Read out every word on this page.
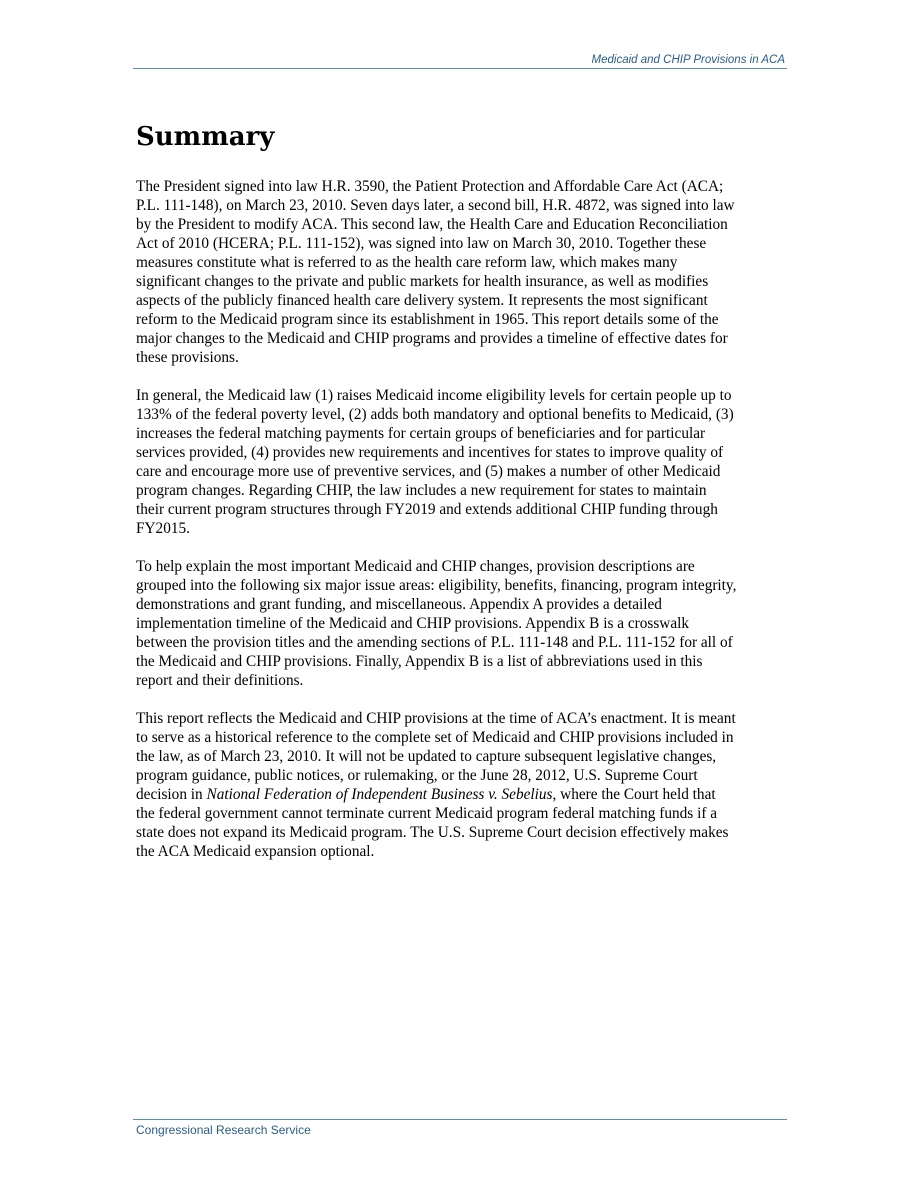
Medicaid and CHIP Provisions in ACA
Summary

The President signed into law H.R. 3590, the Patient Protection and Affordable Care Act (ACA;
P.L. 111-148), on March 23, 2010. Seven days later, a second bill, H.R. 4872, was signed into law
by the President to modify ACA. This second law, the Health Care and Education Reconciliation
Act of 2010 (HCERA; P.L. 111-152), was signed into law on March 30, 2010. Together these
measures constitute what is referred to as the health care reform law, which makes many
significant changes to the private and public markets for health insurance, as well as modifies
aspects of the publicly financed health care delivery system. It represents the most significant
reform to the Medicaid program since its establishment in 1965. This report details some of the
major changes to the Medicaid and CHIP programs and provides a timeline of effective dates for
these provisions.

In general, the Medicaid law (1) raises Medicaid income eligibility levels for certain people up to
133% of the federal poverty level, (2) adds both mandatory and optional benefits to Medicaid, (3)
increases the federal matching payments for certain groups of beneficiaries and for particular
services provided, (4) provides new requirements and incentives for states to improve quality of
care and encourage more use of preventive services, and (5) makes a number of other Medicaid
program changes. Regarding CHIP, the law includes a new requirement for states to maintain
their current program structures through FY2019 and extends additional CHIP funding through
FY2015.

To help explain the most important Medicaid and CHIP changes, provision descriptions are
grouped into the following six major issue areas: eligibility, benefits, financing, program integrity,
demonstrations and grant funding, and miscellaneous. Appendix A provides a detailed
implementation timeline of the Medicaid and CHIP provisions. Appendix B is a crosswalk
between the provision titles and the amending sections of P.L. 111-148 and P.L. 111-152 for all of
the Medicaid and CHIP provisions. Finally, Appendix B is a list of abbreviations used in this
report and their definitions.

This report reflects the Medicaid and CHIP provisions at the time of ACA’s enactment. It is meant
to serve as a historical reference to the complete set of Medicaid and CHIP provisions included in
the law, as of March 23, 2010. It will not be updated to capture subsequent legislative changes,
program guidance, public notices, or rulemaking, or the June 28, 2012, U.S. Supreme Court
decision in National Federation of Independent Business v. Sebelius, where the Court held that
the federal government cannot terminate current Medicaid program federal matching funds if a
state does not expand its Medicaid program. The U.S. Supreme Court decision effectively makes
the ACA Medicaid expansion optional.

Congressional Research Service
